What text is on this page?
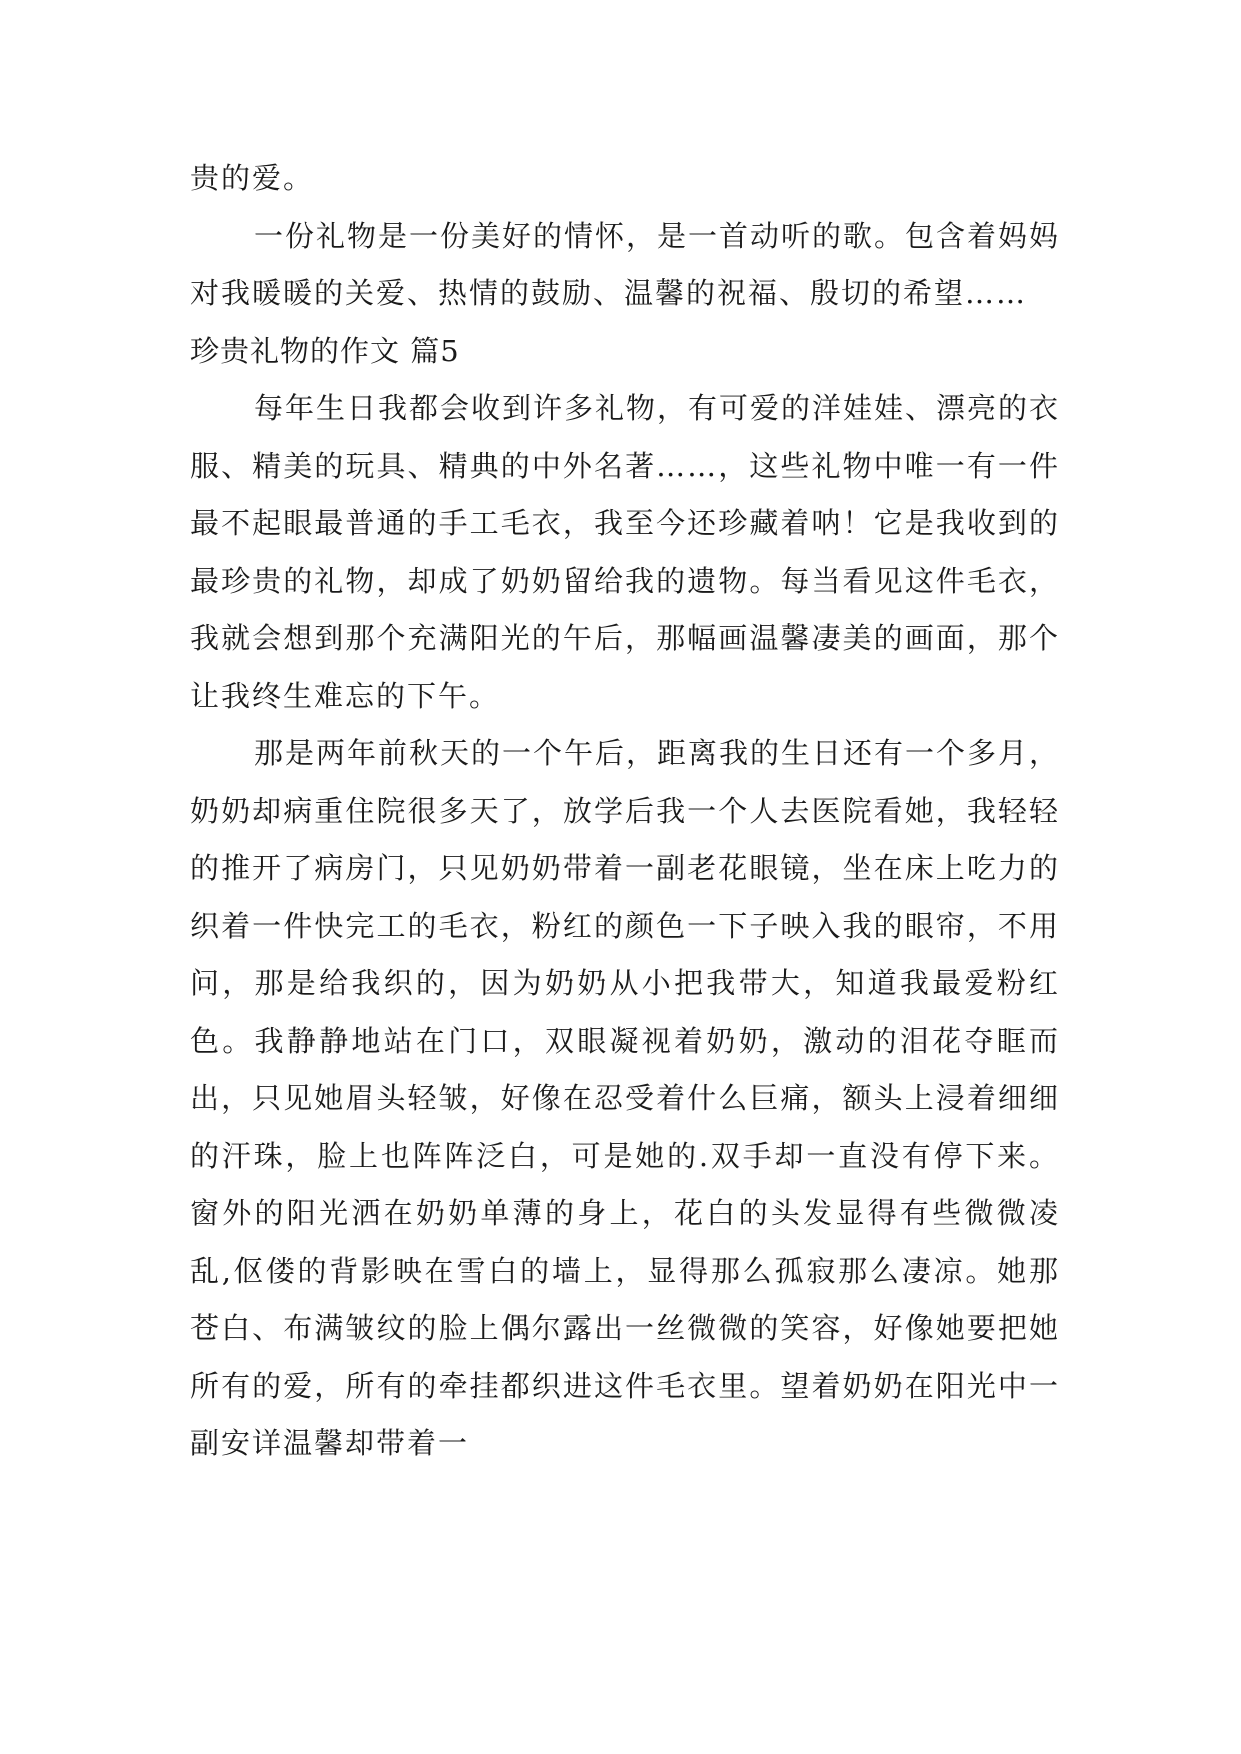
贵的爱。

一份礼物是一份美好的情怀，是一首动听的歌。包含着妈妈对我暖暖的关爱、热情的鼓励、温馨的祝福、殷切的希望……

珍贵礼物的作文 篇5

每年生日我都会收到许多礼物，有可爱的洋娃娃、漂亮的衣服、精美的玩具、精典的中外名著……，这些礼物中唯一有一件最不起眼最普通的手工毛衣，我至今还珍藏着呐！它是我收到的最珍贵的礼物，却成了奶奶留给我的遗物。每当看见这件毛衣，我就会想到那个充满阳光的午后，那幅画温馨凄美的画面，那个让我终生难忘的下午。

那是两年前秋天的一个午后，距离我的生日还有一个多月，奶奶却病重住院很多天了，放学后我一个人去医院看她，我轻轻的推开了病房门，只见奶奶带着一副老花眼镜，坐在床上吃力的织着一件快完工的毛衣，粉红的颜色一下子映入我的眼帘，不用问，那是给我织的，因为奶奶从小把我带大，知道我最爱粉红色。我静静地站在门口，双眼凝视着奶奶，激动的泪花夺眶而出，只见她眉头轻皱，好像在忍受着什么巨痛，额头上浸着细细的汗珠，脸上也阵阵泛白，可是她的.双手却一直没有停下来。窗外的阳光洒在奶奶单薄的身上，花白的头发显得有些微微凌乱,伛偻的背影映在雪白的墙上，显得那么孤寂那么凄凉。她那苍白、布满皱纹的脸上偶尔露出一丝微微的笑容，好像她要把她所有的爱，所有的牵挂都织进这件毛衣里。望着奶奶在阳光中一副安详温馨却带着一
